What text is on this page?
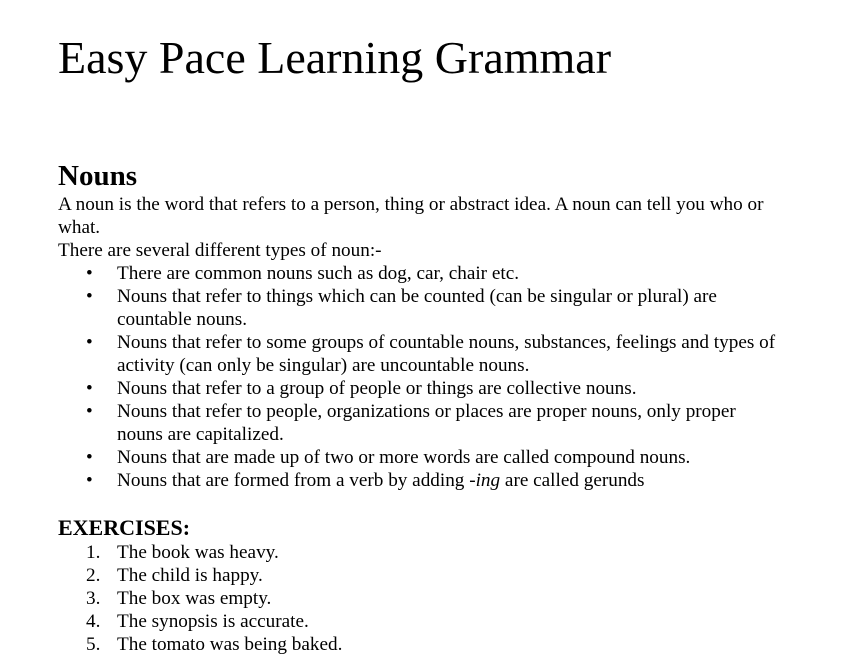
Easy Pace Learning Grammar
Nouns

A noun is the word that refers to a person, thing or abstract idea. A noun can tell you who or what.

There are several different types of noun:-

• There are common nouns such as dog, car, chair etc.
• Nouns that refer to things which can be counted (can be singular or plural) are countable nouns.
• Nouns that refer to some groups of countable nouns, substances, feelings and types of activity (can only be singular) are uncountable nouns.
• Nouns that refer to a group of people or things are collective nouns.
• Nouns that refer to people, organizations or places are proper nouns, only proper nouns are capitalized.
• Nouns that are made up of two or more words are called compound nouns.
• Nouns that are formed from a verb by adding -ing are called gerunds
EXERCISES:
1. The book was heavy.
2. The child is happy.
3. The box was empty.
4. The synopsis is accurate.
5. The tomato was being baked.
